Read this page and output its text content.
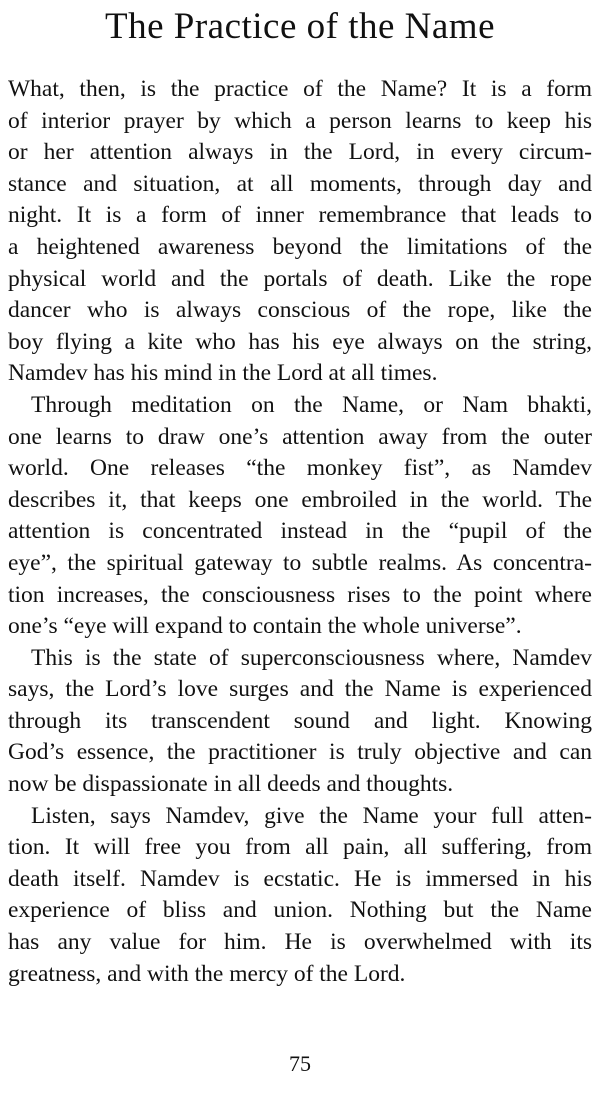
The Practice of the Name
What, then, is the practice of the Name? It is a form
of interior prayer by which a person learns to keep his
or her attention always in the Lord, in every circum-
stance and situation, at all moments, through day and
night. It is a form of inner remembrance that leads to
a heightened awareness beyond the limitations of the
physical world and the portals of death. Like the rope
dancer who is always conscious of the rope, like the
boy flying a kite who has his eye always on the string,
Namdev has his mind in the Lord at all times.
Through meditation on the Name, or Nam bhakti,
one learns to draw one’s attention away from the outer
world. One releases “the monkey fist”, as Namdev
describes it, that keeps one embroiled in the world. The
attention is concentrated instead in the “pupil of the
eye”, the spiritual gateway to subtle realms. As concentra-
tion increases, the consciousness rises to the point where
one’s “eye will expand to contain the whole universe”.
This is the state of superconsciousness where, Namdev
says, the Lord’s love surges and the Name is experienced
through its transcendent sound and light. Knowing
God’s essence, the practitioner is truly objective and can
now be dispassionate in all deeds and thoughts.
Listen, says Namdev, give the Name your full atten-
tion. It will free you from all pain, all suffering, from
death itself. Namdev is ecstatic. He is immersed in his
experience of bliss and union. Nothing but the Name
has any value for him. He is overwhelmed with its
greatness, and with the mercy of the Lord.
75
